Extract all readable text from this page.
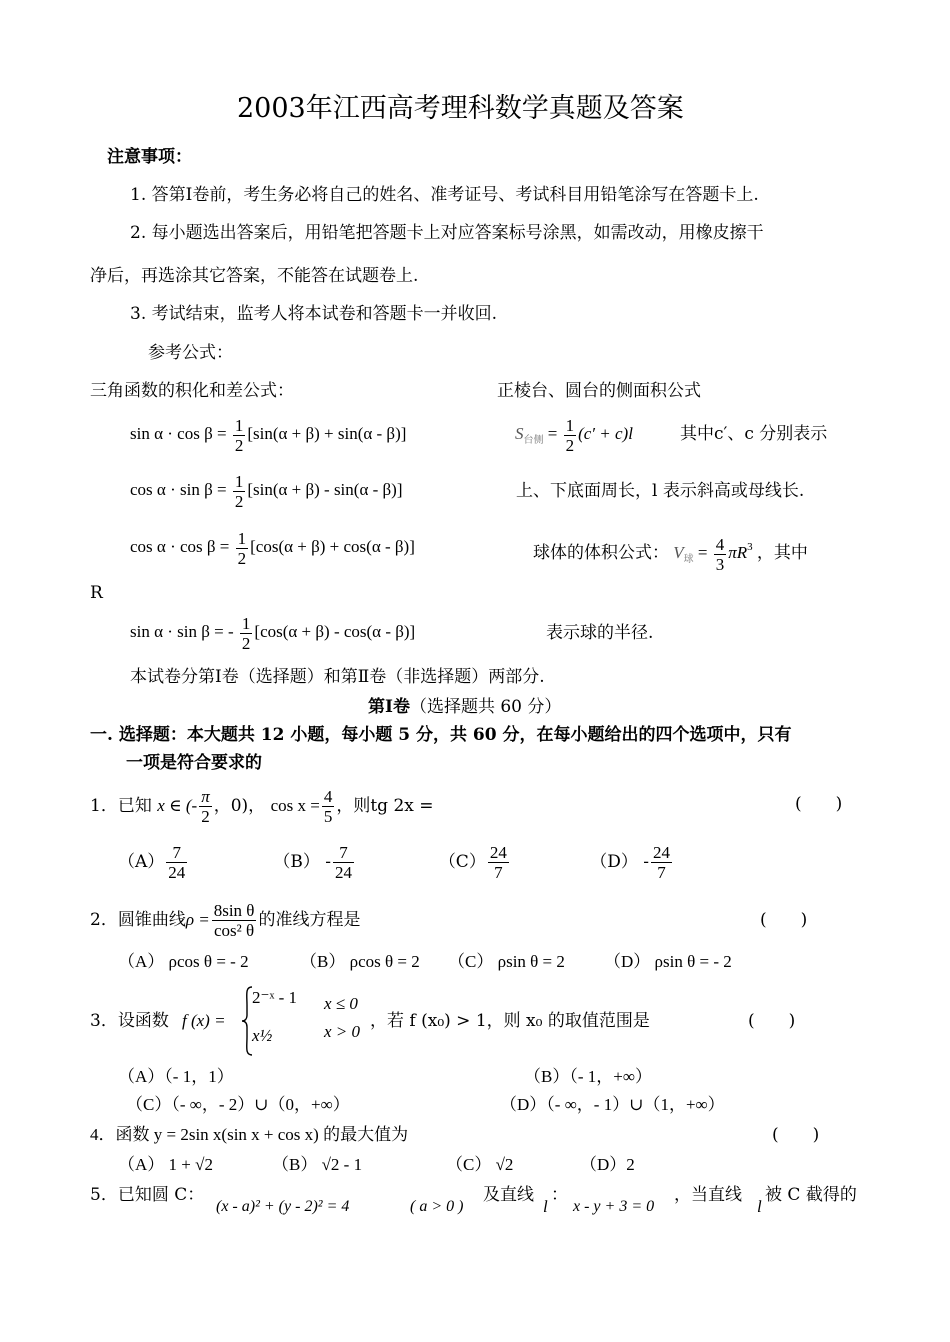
2003年江西高考理科数学真题及答案
注意事项：
1. 答第Ⅰ卷前，考生务必将自己的姓名、准考证号、考试科目用铅笔涂写在答题卡上.
2. 每小题选出答案后，用铅笔把答题卡上对应答案标号涂黑，如需改动，用橡皮擦干
净后，再选涂其它答案，不能答在试题卷上.
3. 考试结束，监考人将本试卷和答题卡一并收回.
参考公式：
三角函数的积化和差公式：	正棱台、圆台的侧面积公式
$\sin \alpha \cdot \cos \beta = \frac{1}{2} [\sin(\alpha + \beta) + \sin(\alpha - \beta)]$	$S_{台侧} = \frac{1}{2} (c' + c)l$	其中c′、c 分别表示
$\cos \alpha \cdot \sin \beta = \frac{1}{2} [\sin(\alpha + \beta) - \sin(\alpha - \beta)]$	上、下底面周长，l 表示斜高或母线长.
$\cos \alpha \cdot \cos \beta = \frac{1}{2} [\cos(\alpha + \beta) + \cos(\alpha - \beta)]$	球体的体积公式： $V_球 = \frac{4}{3} \pi R^3$ ，其中
R
sin α · sin β = - $\frac{1}{2} [\cos(\alpha + \beta) - \cos(\alpha - \beta)]$	表示球的半径.
本试卷分第Ⅰ卷（选择题）和第Ⅱ卷（非选择题）两部分.
第Ⅰ卷（选择题共 60 分）
一. 选择题：本大题共 12 小题，每小题 5 分，共 60 分，在每小题给出的四个选项中，只有
一项是符合要求的
1．已知 x ∈ (- $\frac{\pi}{2}$ ，0)， $\cos x = \frac{4}{5}$ ，则tg 2x =	(　　)
$(A) \frac{7}{24}$	$(B) - \frac{7}{24}$	$(C) \frac{24}{7}$	$(D) - \frac{24}{7}$
2．圆锥曲线$\rho = \frac{\text{8sin θ}}{\text{cos² θ}}$ 的准线方程是	(　　)
（A） ρcos θ = - 2	（B） ρcos θ = 2 （C） ρsin θ = 2 （D） ρsin θ = - 2
3．设函数 f (x) =
2⁻ˣ - 1 x ≤ 0
x½	x > 0
，若 f (x₀) > 1，则 x₀ 的取值范围是	(　　)
（A）（- 1，1）	（B）（- 1，+∞）
（C）（- ∞，- 2）∪（0，+∞）	（D）（- ∞，- 1）∪（1，+∞）
4．函数 y = 2sin x(sin x + cos x) 的最大值为	(　　)
（A） 1 + √2	（B） √2 - 1	（C） √2	（D）2
5．已知圆 C：
(x - a)² + (y - 2)² = 4	( a > 0 )
及直线
l
：
x - y + 3 = 0
，当直线
l
被 C 截得的
